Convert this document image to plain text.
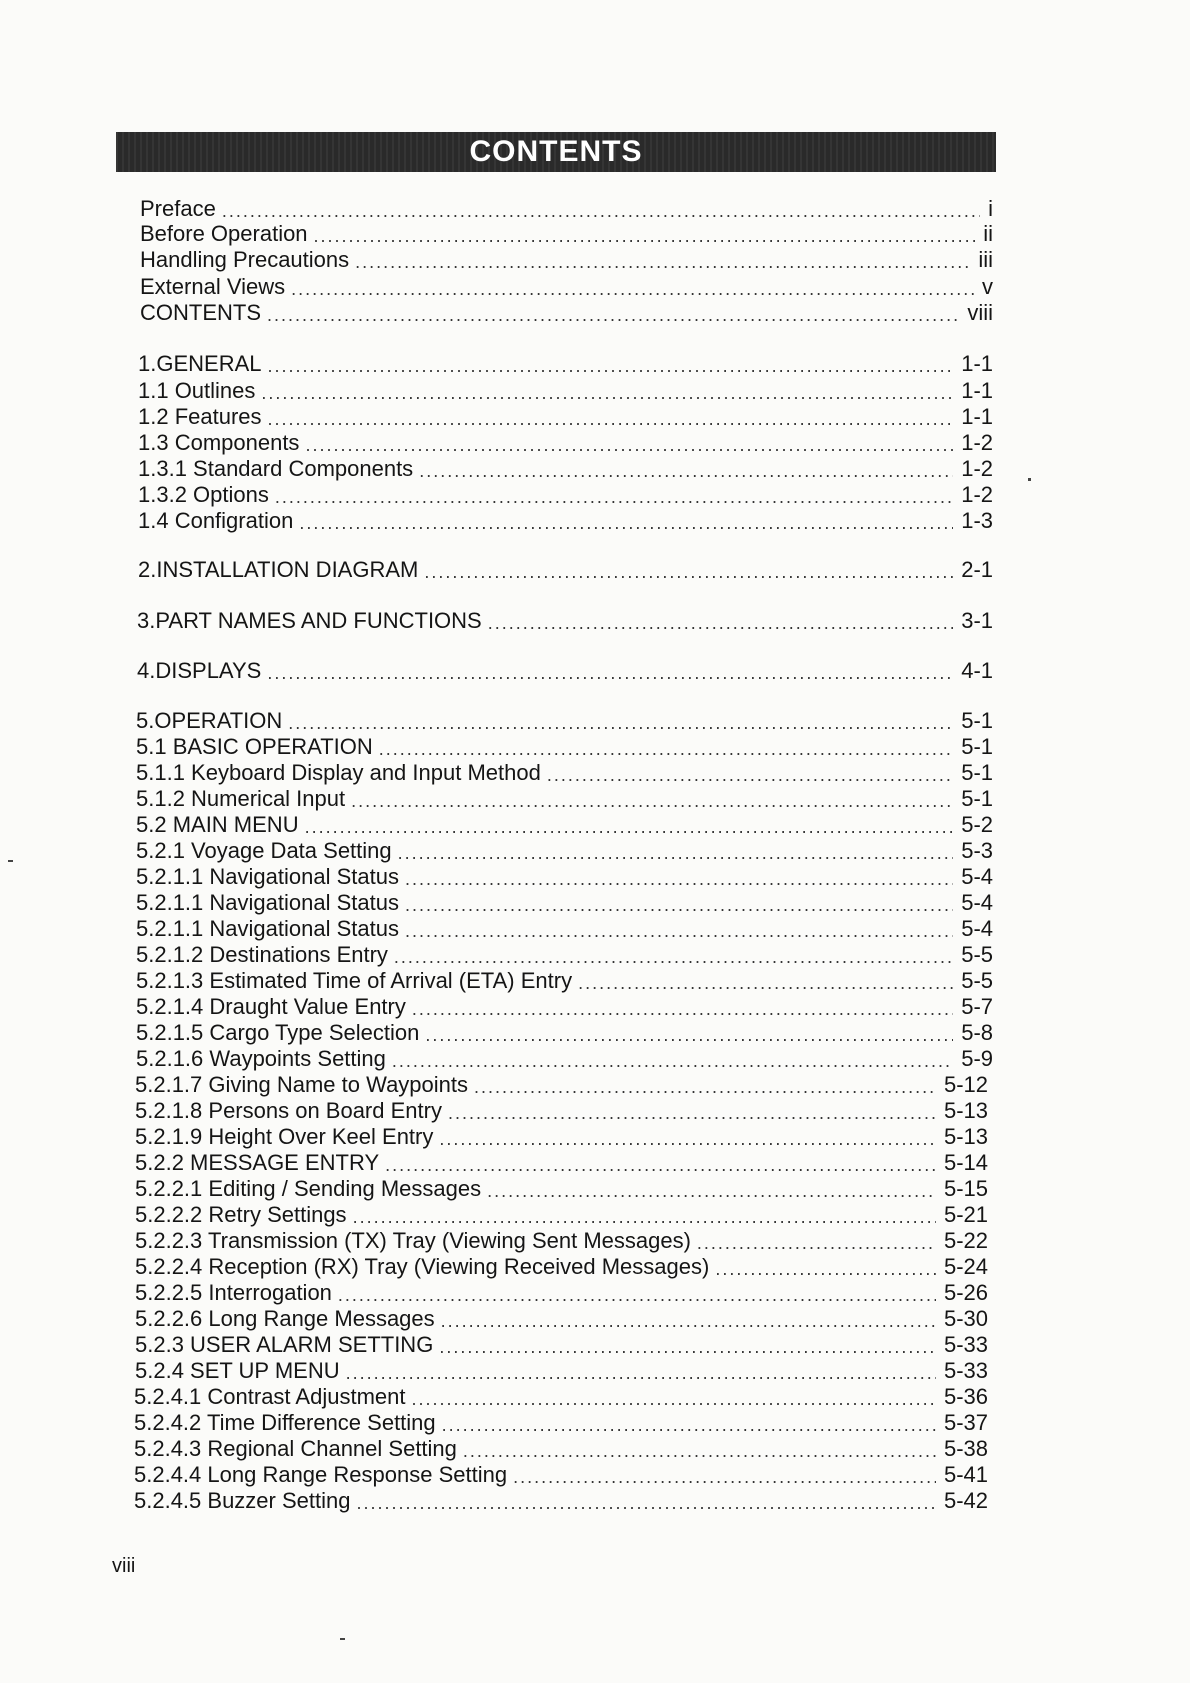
CONTENTS
Preface .....	i
Before Operation .....	ii
Handling Precautions .....	iii
External Views .....	v
CONTENTS .....	viii
1.GENERAL .....	1-1
1.1 Outlines .....	1-1
1.2 Features .....	1-1
1.3 Components .....	1-2
1.3.1 Standard Components .....	1-2
1.3.2 Options .....	1-2
1.4 Configration .....	1-3
2.INSTALLATION DIAGRAM .....	2-1
3.PART NAMES AND FUNCTIONS .....	3-1
4.DISPLAYS .....	4-1
5.OPERATION .....	5-1
5.1 BASIC OPERATION .....	5-1
5.1.1 Keyboard Display and Input Method .....	5-1
5.1.2 Numerical Input .....	5-1
5.2 MAIN MENU .....	5-2
5.2.1 Voyage Data Setting .....	5-3
5.2.1.1 Navigational Status .....	5-4
5.2.1.1 Navigational Status .....	5-4
5.2.1.1 Navigational Status .....	5-4
5.2.1.2 Destinations Entry .....	5-5
5.2.1.3 Estimated Time of Arrival (ETA) Entry .....	5-5
5.2.1.4 Draught Value Entry .....	5-7
5.2.1.5 Cargo Type Selection .....	5-8
5.2.1.6 Waypoints Setting .....	5-9
5.2.1.7 Giving Name to Waypoints .....	5-12
5.2.1.8 Persons on Board Entry .....	5-13
5.2.1.9 Height Over Keel Entry .....	5-13
5.2.2 MESSAGE ENTRY .....	5-14
5.2.2.1 Editing / Sending Messages .....	5-15
5.2.2.2 Retry Settings .....	5-21
5.2.2.3 Transmission (TX) Tray (Viewing Sent Messages) .....	5-22
5.2.2.4 Reception (RX) Tray (Viewing Received Messages) .....	5-24
5.2.2.5 Interrogation .....	5-26
5.2.2.6 Long Range Messages .....	5-30
5.2.3 USER ALARM SETTING .....	5-33
5.2.4 SET UP MENU .....	5-33
5.2.4.1 Contrast Adjustment .....	5-36
5.2.4.2 Time Difference Setting .....	5-37
5.2.4.3 Regional Channel Setting .....	5-38
5.2.4.4 Long Range Response Setting .....	5-41
5.2.4.5 Buzzer Setting .....	5-42
viii
